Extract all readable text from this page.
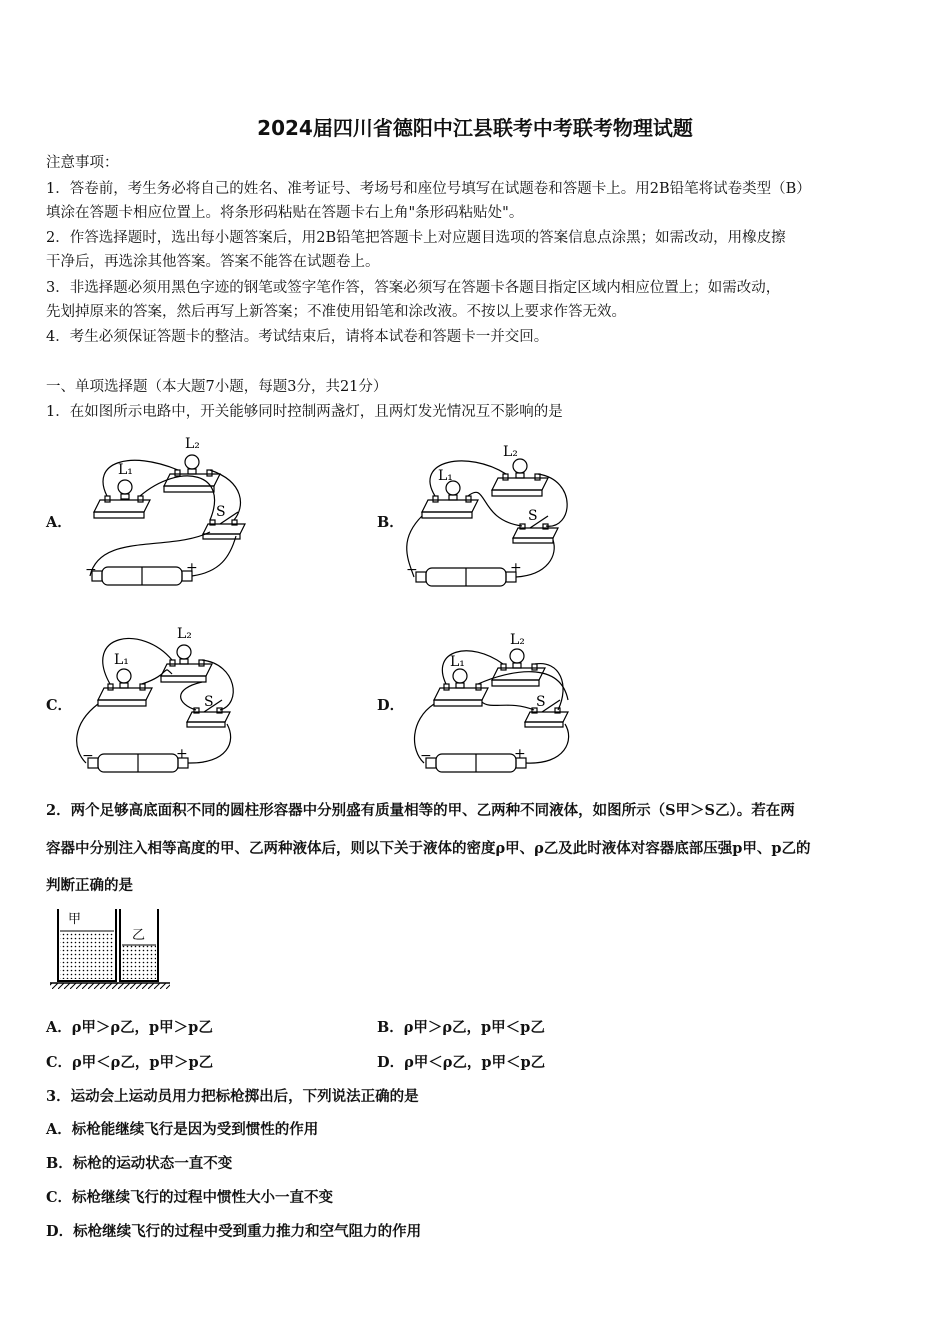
2024届四川省德阳中江县联考中考联考物理试题
注意事项：
1．答卷前，考生务必将自己的姓名、准考证号、考场号和座位号填写在试题卷和答题卡上。用2B铅笔将试卷类型（B）
填涂在答题卡相应位置上。将条形码粘贴在答题卡右上角"条形码粘贴处"。
2．作答选择题时，选出每小题答案后，用2B铅笔把答题卡上对应题目选项的答案信息点涂黑；如需改动，用橡皮擦
干净后，再选涂其他答案。答案不能答在试题卷上。
3．非选择题必须用黑色字迹的钢笔或签字笔作答，答案必须写在答题卡各题目指定区域内相应位置上；如需改动，
先划掉原来的答案，然后再写上新答案；不准使用铅笔和涂改液。不按以上要求作答无效。
4．考生必须保证答题卡的整洁。考试结束后，请将本试卷和答题卡一并交回。
一、单项选择题（本大题7小题，每题3分，共21分）
1．在如图所示电路中，开关能够同时控制两盏灯，且两灯发光情况互不影响的是
A．	B．
C．	D．
L₁
L₂
S
−	+
L₁
L₂
S
−	+
L₁
L₂
S
−	+
L₁
L₂
S
−	+
2．两个足够高底面积不同的圆柱形容器中分别盛有质量相等的甲、乙两种不同液体，如图所示（S甲＞S乙）。若在两
容器中分别注入相等高度的甲、乙两种液体后，则以下关于液体的密度ρ甲、ρ乙及此时液体对容器底部压强p甲、p乙的
判断正确的是
甲
乙
A．ρ甲＞ρ乙，p甲＞p乙	B．ρ甲＞ρ乙，p甲＜p乙
C．ρ甲＜ρ乙，p甲＞p乙	D．ρ甲＜ρ乙，p甲＜p乙
3．运动会上运动员用力把标枪掷出后，下列说法正确的是
A．标枪能继续飞行是因为受到惯性的作用
B．标枪的运动状态一直不变
C．标枪继续飞行的过程中惯性大小一直不变
D．标枪继续飞行的过程中受到重力推力和空气阻力的作用
